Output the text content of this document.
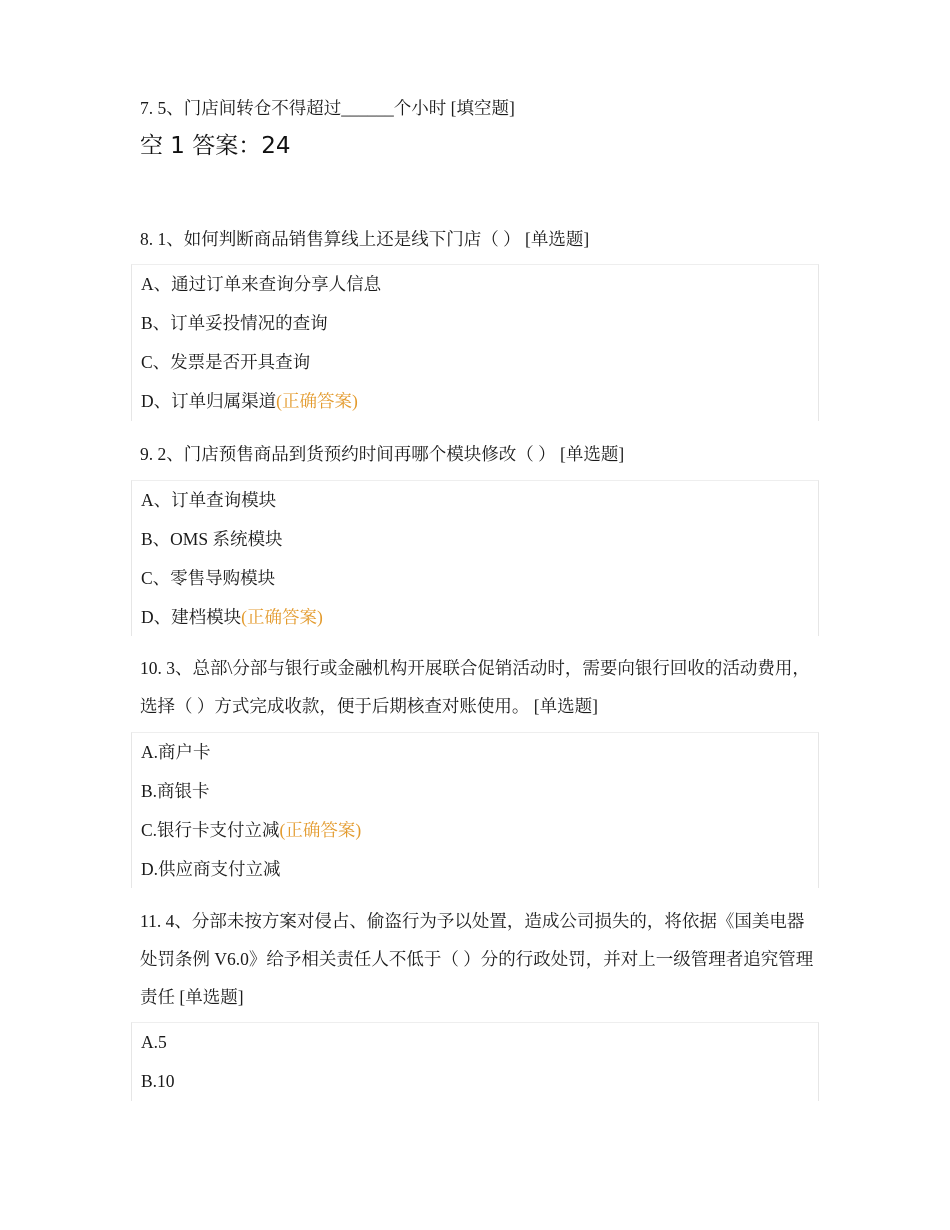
7. 5、门店间转仓不得超过______个小时 [填空题]

空 1 答案：24

8. 1、如何判断商品销售算线上还是线下门店（ ） [单选题]

A、通过订单来查询分享人信息
B、订单妥投情况的查询
C、发票是否开具查询
D、订单归属渠道(正确答案)

9. 2、门店预售商品到货预约时间再哪个模块修改（ ） [单选题]

A、订单查询模块
B、OMS 系统模块
C、零售导购模块
D、建档模块(正确答案)

10. 3、总部\分部与银行或金融机构开展联合促销活动时，需要向银行回收的活动费用，选择（ ）方式完成收款，便于后期核查对账使用。 [单选题]

A.商户卡
B.商银卡
C.银行卡支付立减(正确答案)
D.供应商支付立减

11. 4、分部未按方案对侵占、偷盗行为予以处置，造成公司损失的，将依据《国美电器处罚条例 V6.0》给予相关责任人不低于（ ）分的行政处罚，并对上一级管理者追究管理责任 [单选题]

A.5
B.10
